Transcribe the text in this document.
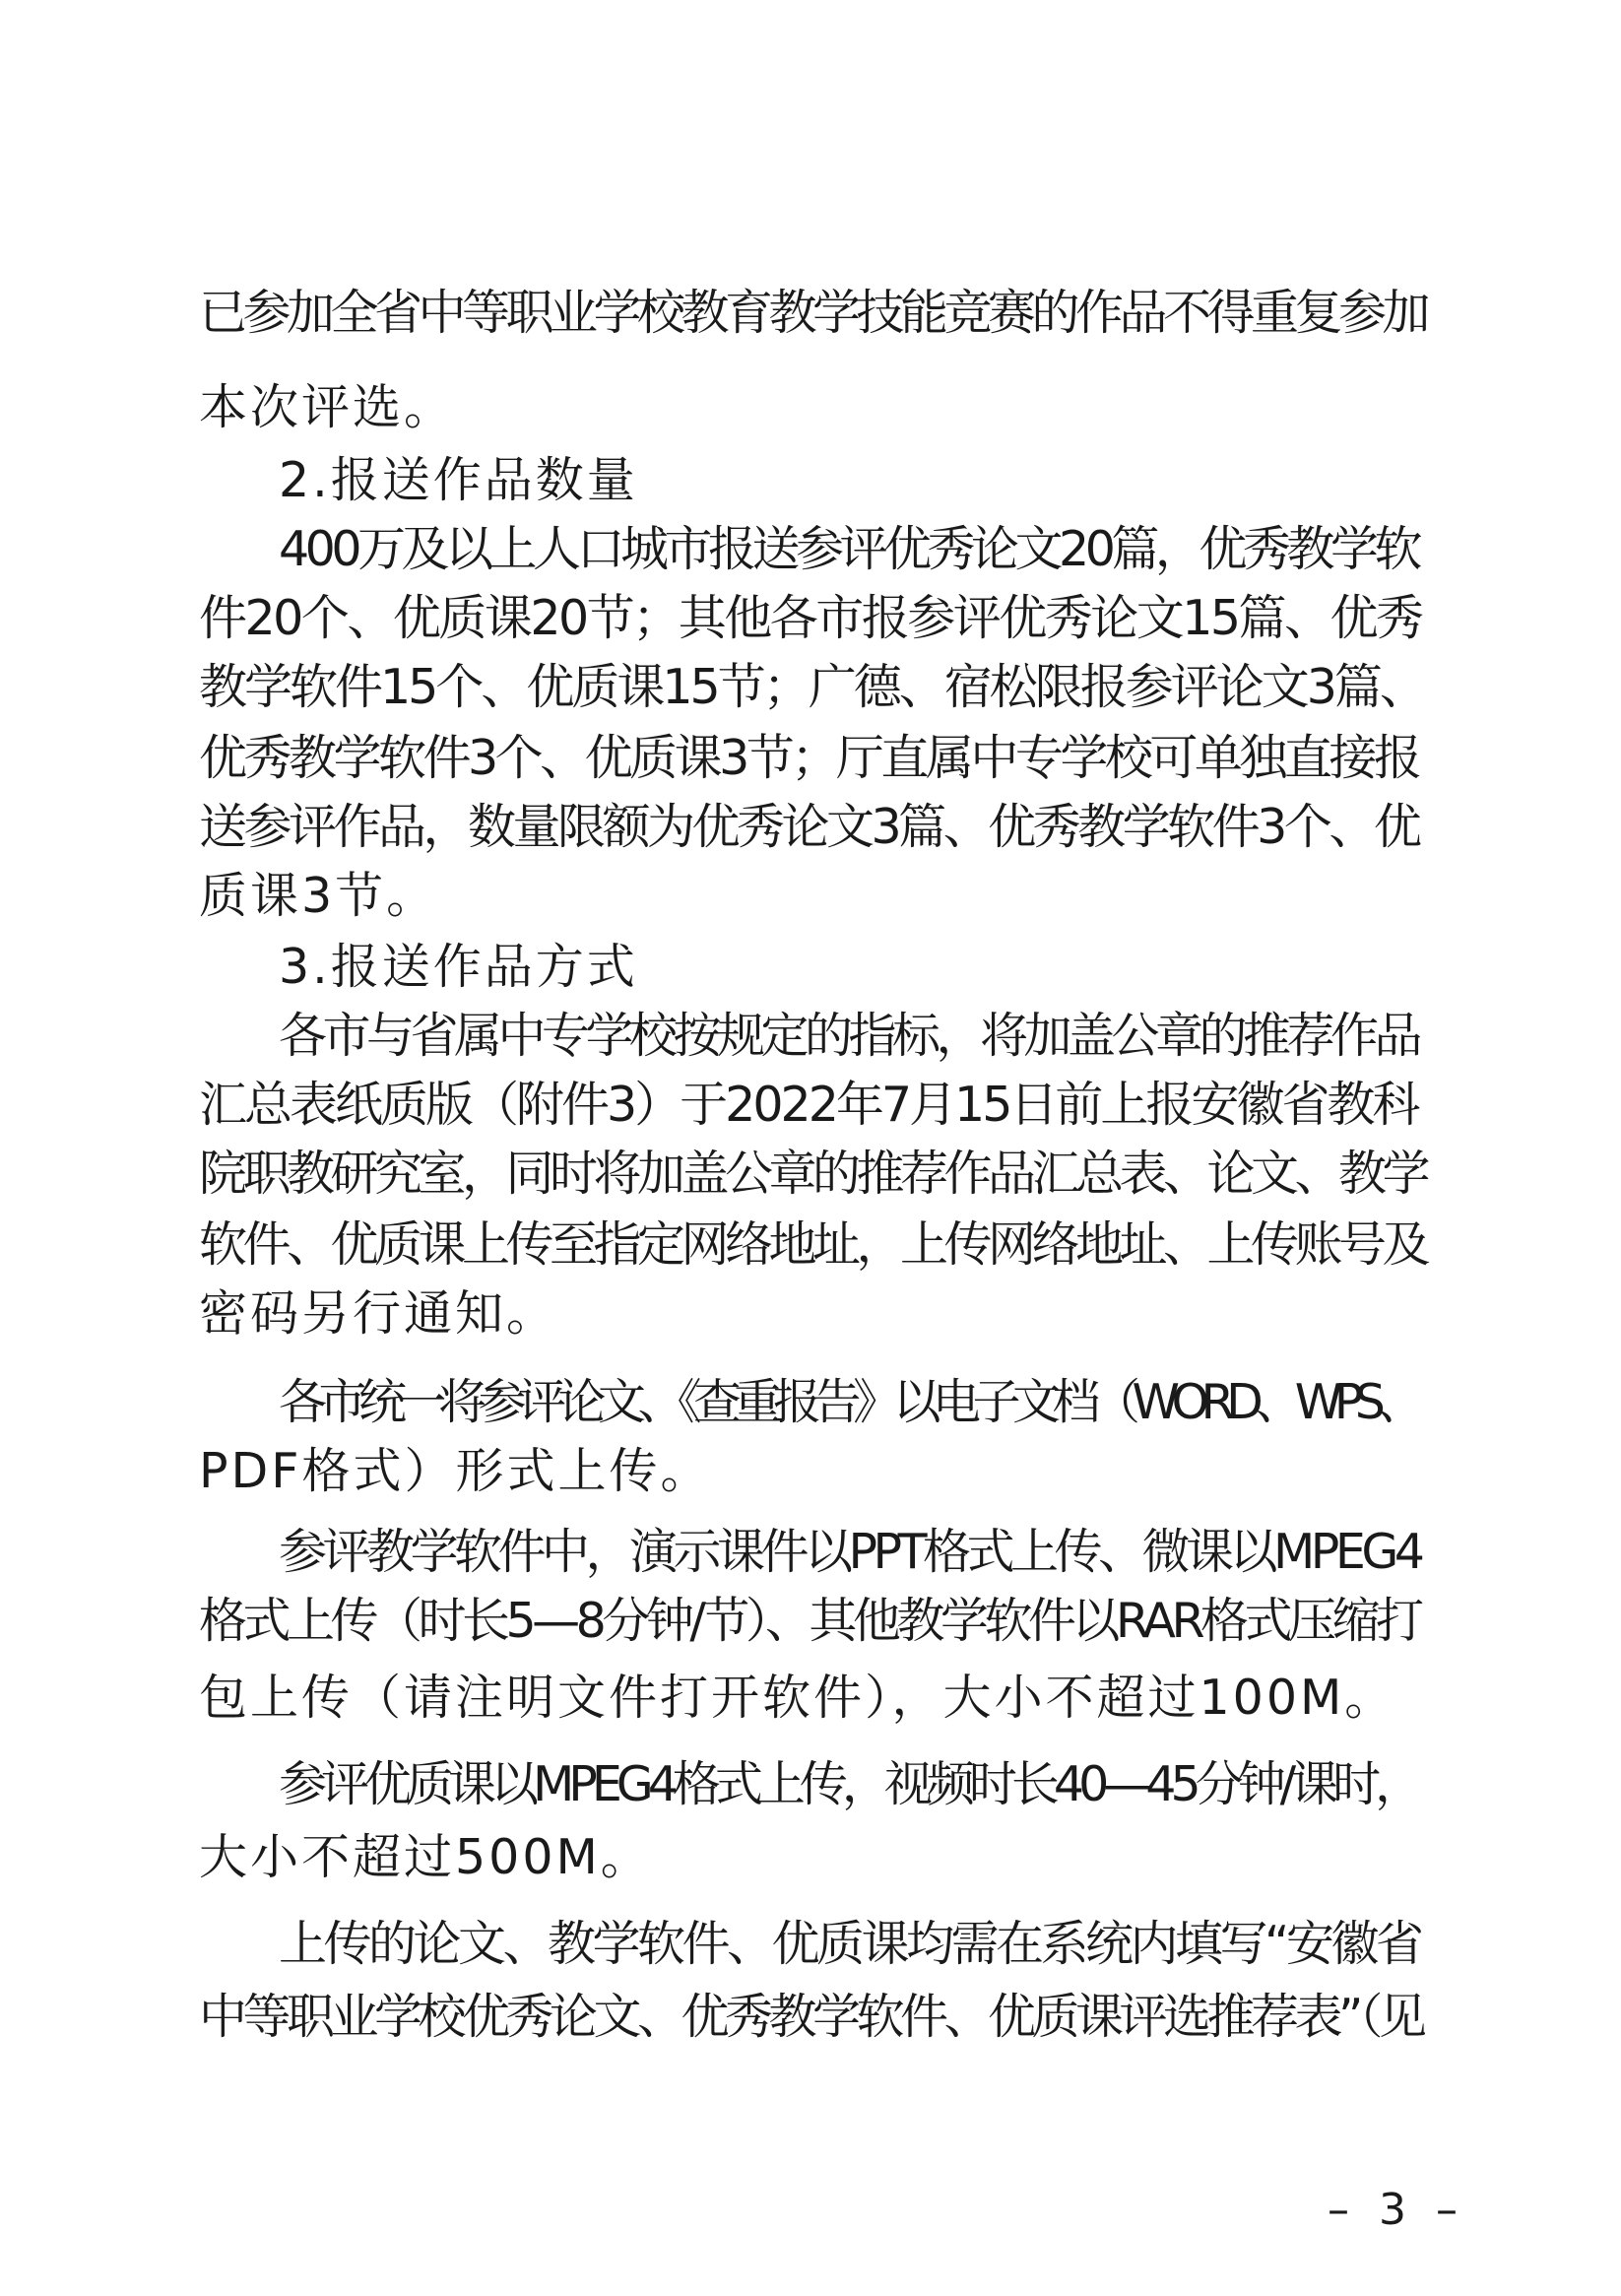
已参加全省中等职业学校教育教学技能竞赛的作品不得重复参加
本次评选。
2.报送作品数量
400万及以上人口城市报送参评优秀论文20篇，优秀教学软
件20个、优质课20节；其他各市报参评优秀论文15篇、优秀
教学软件15个、优质课15节；广德、宿松限报参评论文3篇、
优秀教学软件3个、优质课3节；厅直属中专学校可单独直接报
送参评作品，数量限额为优秀论文3篇、优秀教学软件3个、优
质课3节。
3.报送作品方式
各市与省属中专学校按规定的指标，将加盖公章的推荐作品
汇总表纸质版（附件3）于2022年7月15日前上报安徽省教科
院职教研究室，同时将加盖公章的推荐作品汇总表、论文、教学
软件、优质课上传至指定网络地址，上传网络地址、上传账号及
密码另行通知。
各市统一将参评论文、《查重报告》以电子文档（WORD、WPS、
PDF格式）形式上传。
参评教学软件中，演示课件以PPT格式上传、微课以MPEG4
格式上传（时长5—8分钟/节）、其他教学软件以RAR格式压缩打
包上传（请注明文件打开软件），大小不超过100M。
参评优质课以MPEG4格式上传，视频时长40—45分钟/课时，
大小不超过500M。
上传的论文、教学软件、优质课均需在系统内填写“安徽省
中等职业学校优秀论文、优秀教学软件、优质课评选推荐表”（见
– 3 –
